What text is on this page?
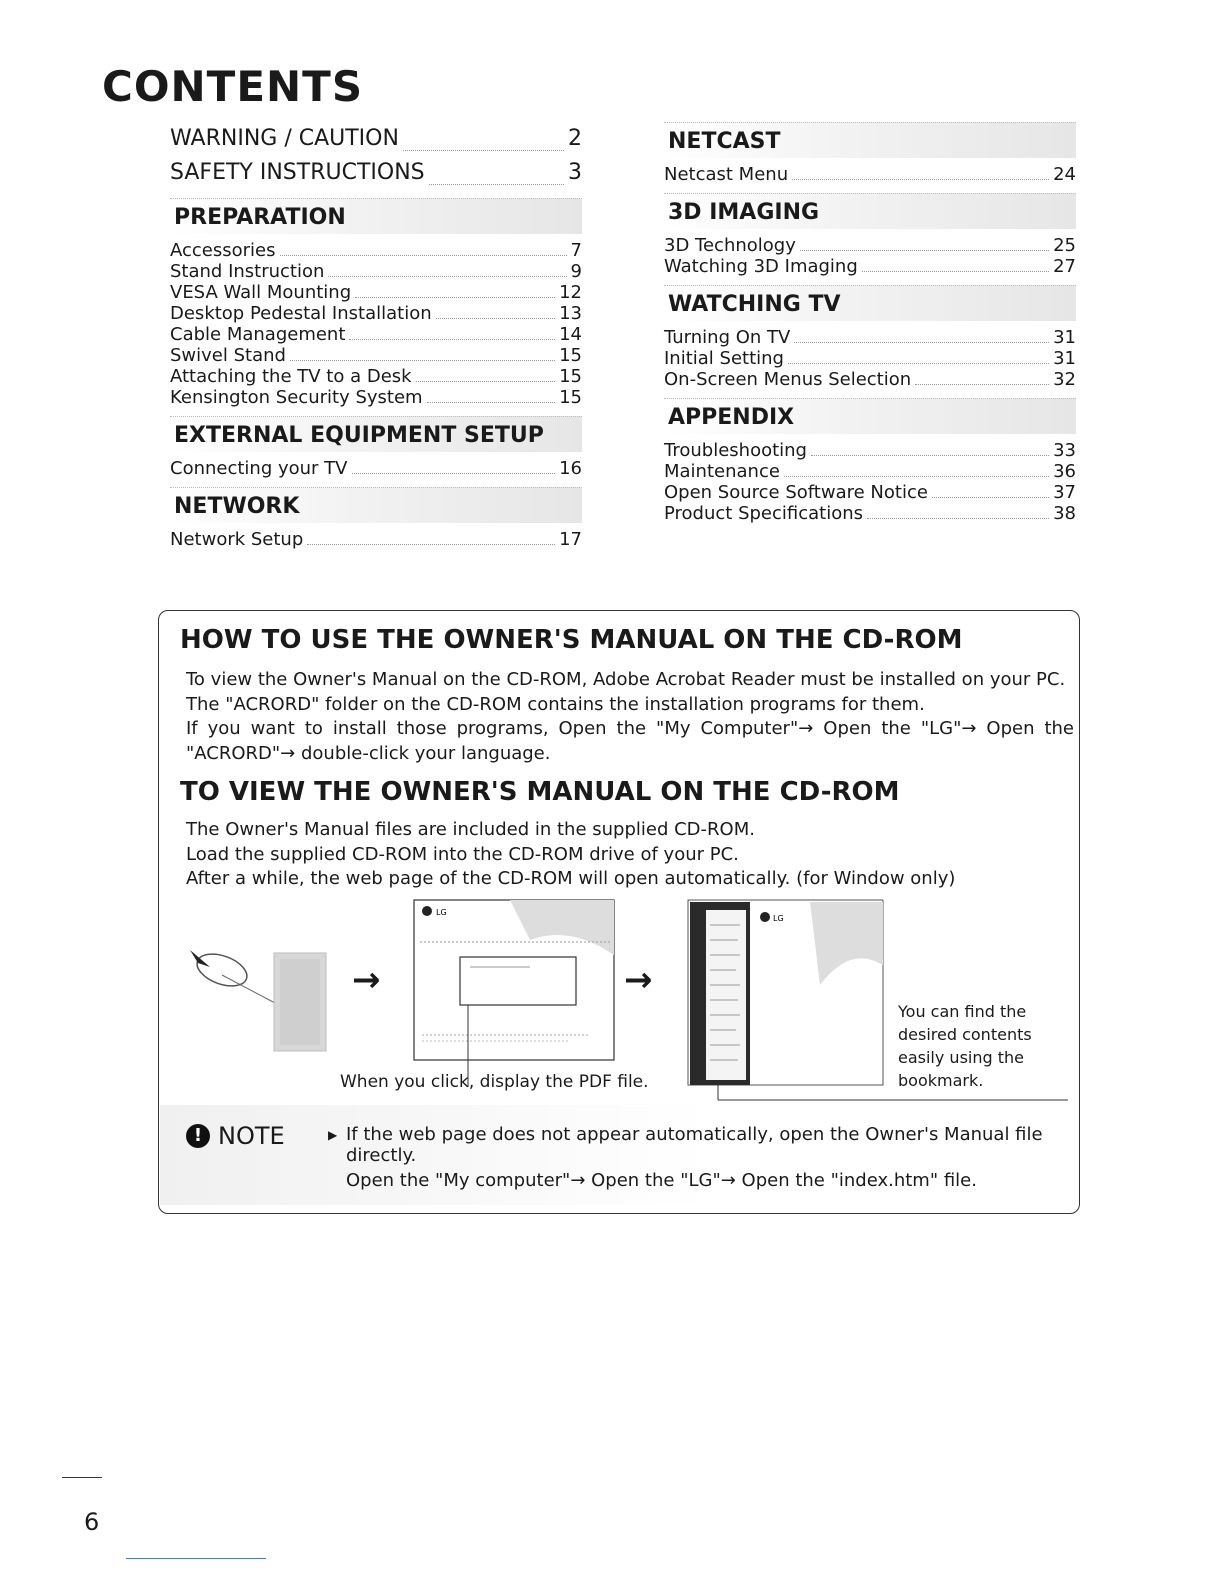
CONTENTS
WARNING / CAUTION	2
SAFETY INSTRUCTIONS	3
PREPARATION
Accessories	7
Stand Instruction	9
VESA Wall Mounting	12
Desktop Pedestal Installation	13
Cable Management	14
Swivel Stand	15
Attaching the TV to a Desk	15
Kensington Security System	15
EXTERNAL EQUIPMENT SETUP
Connecting your TV	16
NETWORK
Network Setup	17
NETCAST
Netcast Menu	24
3D IMAGING
3D Technology	25
Watching 3D Imaging	27
WATCHING TV
Turning On TV	31
Initial Setting	31
On-Screen Menus Selection	32
APPENDIX
Troubleshooting	33
Maintenance	36
Open Source Software Notice	37
Product Specifications	38
HOW TO USE THE OWNER'S MANUAL ON THE CD-ROM

To view the Owner's Manual on the CD-ROM, Adobe Acrobat Reader must be installed on your PC.

The "ACRORD" folder on the CD-ROM contains the installation programs for them.

If you want to install those programs, Open the "My Computer"→ Open the "LG"→ Open the

"ACRORD"→ double-click your language.

TO VIEW THE OWNER'S MANUAL ON THE CD-ROM

The Owner's Manual files are included in the supplied CD-ROM.

Load the supplied CD-ROM into the CD-ROM drive of your PC.

After a while, the web page of the CD-ROM will open automatically. (for Window only)

LG
LG
→	→
When you click, display the PDF file.
You can find the
desired contents
easily using the
bookmark.
! NOTE	▶ If the web page does not appear automatically, open the Owner's Manual file

directly.

Open the "My computer"→ Open the "LG"→ Open the "index.htm" file.

6
